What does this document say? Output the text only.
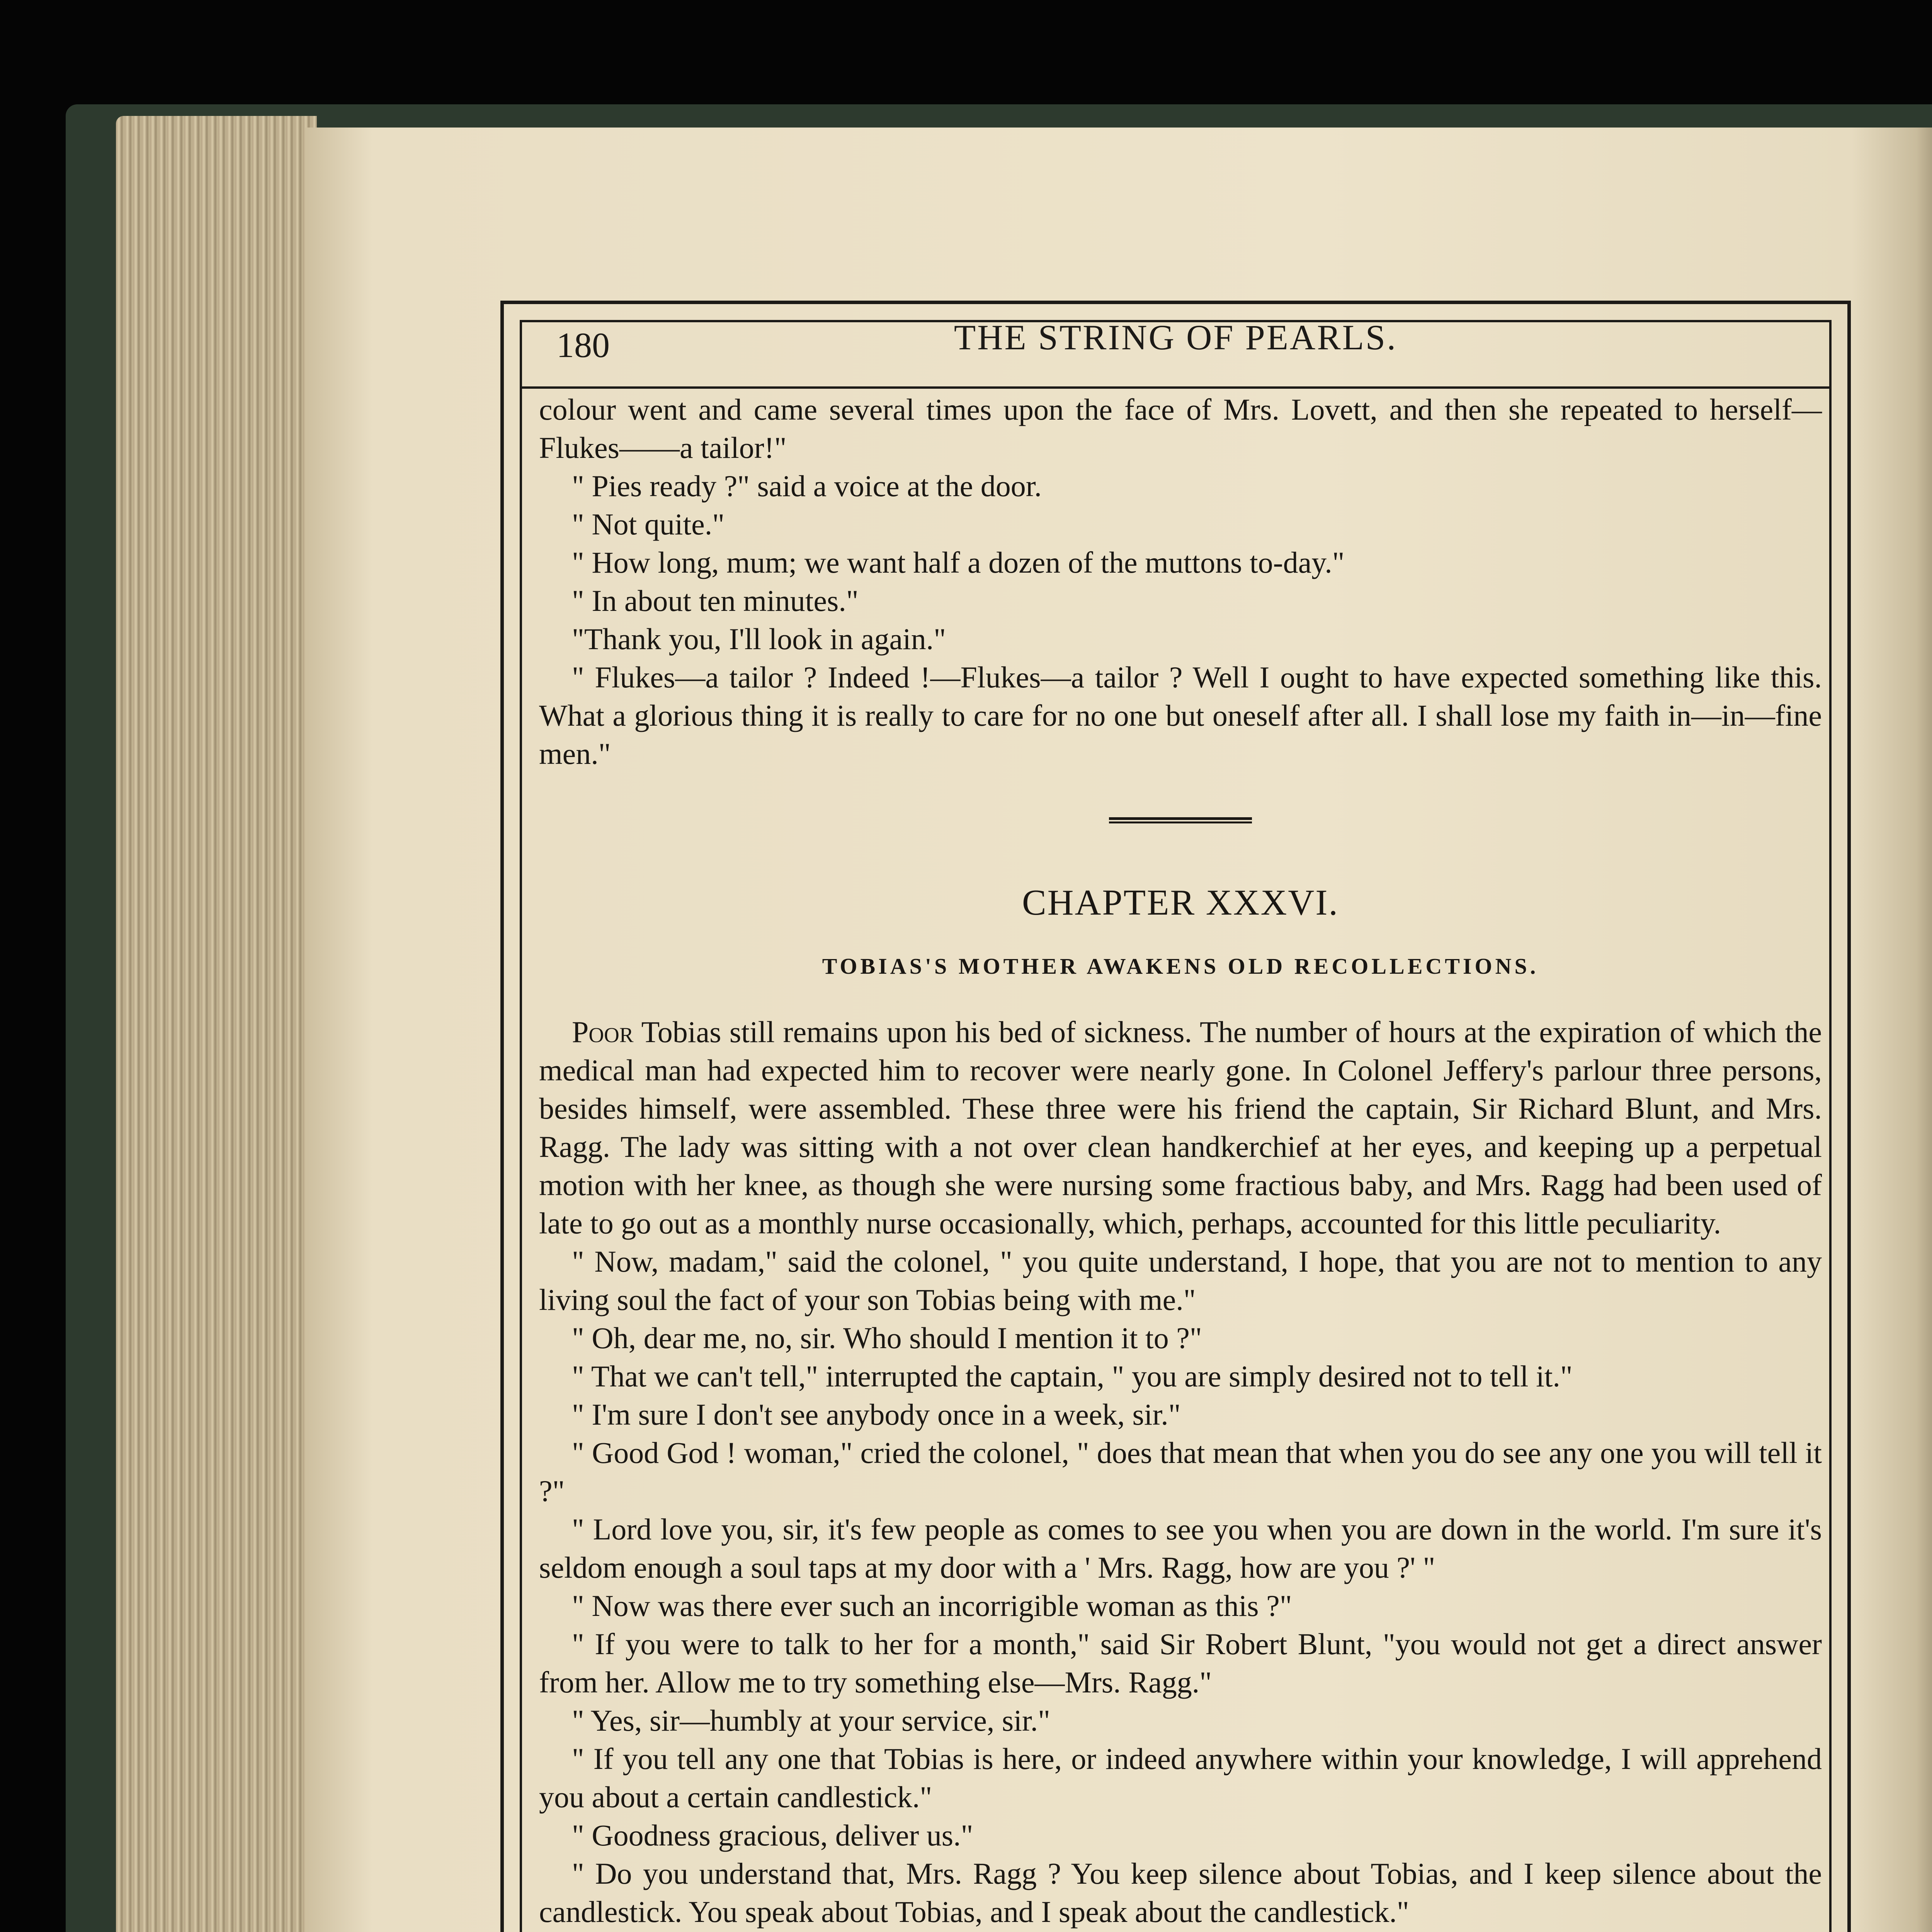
180	THE STRING OF PEARLS.

colour went and came several times upon the face of Mrs. Lovett, and then she repeated to herself—Flukes——a tailor!"

" Pies ready ?" said a voice at the door.

" Not quite."

" How long, mum; we want half a dozen of the muttons to-day."

" In about ten minutes."

"Thank you, I'll look in again."

" Flukes—a tailor ? Indeed !—Flukes—a tailor ? Well I ought to have expected something like this. What a glorious thing it is really to care for no one but oneself after all. I shall lose my faith in—in—fine men."

CHAPTER XXXVI.
TOBIAS'S MOTHER AWAKENS OLD RECOLLECTIONS.

Poor Tobias still remains upon his bed of sickness. The number of hours at the expiration of which the medical man had expected him to recover were nearly gone. In Colonel Jeffery's parlour three persons, besides himself, were assembled. These three were his friend the captain, Sir Richard Blunt, and Mrs. Ragg. The lady was sitting with a not over clean handkerchief at her eyes, and keeping up a perpetual motion with her knee, as though she were nursing some fractious baby, and Mrs. Ragg had been used of late to go out as a monthly nurse occasionally, which, perhaps, accounted for this little peculiarity.

" Now, madam," said the colonel, " you quite understand, I hope, that you are not to mention to any living soul the fact of your son Tobias being with me."

" Oh, dear me, no, sir. Who should I mention it to ?"

" That we can't tell," interrupted the captain, " you are simply desired not to tell it."

" I'm sure I don't see anybody once in a week, sir."

" Good God ! woman," cried the colonel, " does that mean that when you do see any one you will tell it ?"

" Lord love you, sir, it's few people as comes to see you when you are down in the world. I'm sure it's seldom enough a soul taps at my door with a ' Mrs. Ragg, how are you ?' "

" Now was there ever such an incorrigible woman as this ?"

" If you were to talk to her for a month," said Sir Robert Blunt, "you would not get a direct answer from her. Allow me to try something else—Mrs. Ragg."

" Yes, sir—humbly at your service, sir."

" If you tell any one that Tobias is here, or indeed anywhere within your knowledge, I will apprehend you about a certain candlestick."

" Goodness gracious, deliver us."

" Do you understand that, Mrs. Ragg ? You keep silence about Tobias, and I keep silence about the candlestick. You speak about Tobias, and I speak about the candlestick."
